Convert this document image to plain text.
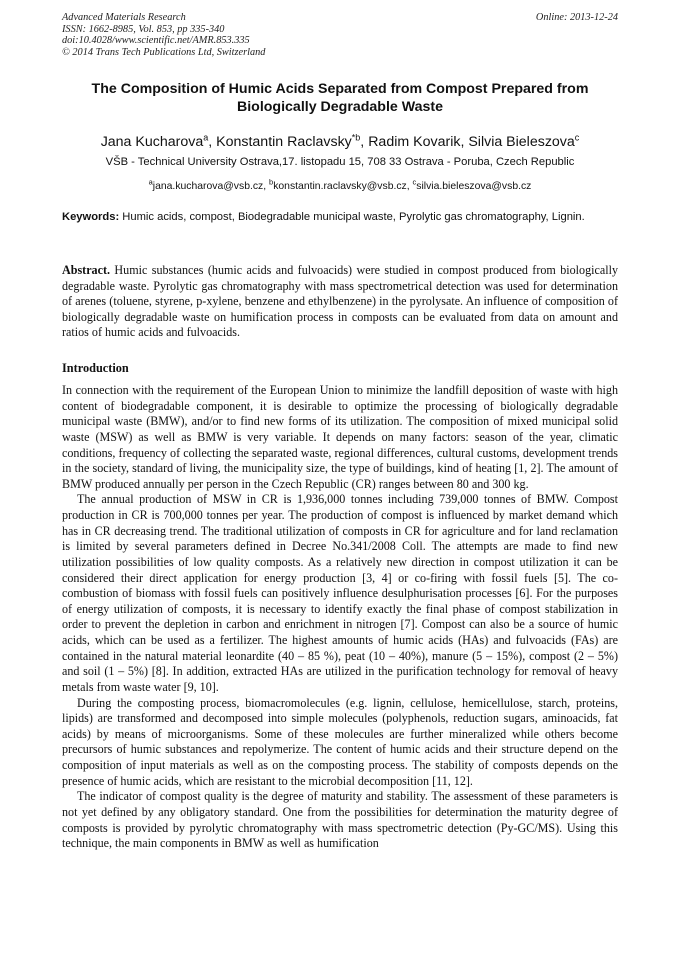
Advanced Materials Research
ISSN: 1662-8985, Vol. 853, pp 335-340
doi:10.4028/www.scientific.net/AMR.853.335
© 2014 Trans Tech Publications Ltd, Switzerland
Online: 2013-12-24
The Composition of Humic Acids Separated from Compost Prepared from Biologically Degradable Waste
Jana Kucharova$^a$, Konstantin Raclavsky$^{*b}$, Radim Kovarik, Silvia Bieleszova$^c$
VŠB - Technical University Ostrava,17. listopadu 15, 708 33 Ostrava - Poruba, Czech Republic
$^a$jana.kucharova@vsb.cz, $^b$konstantin.raclavsky@vsb.cz, $^c$silvia.bieleszova@vsb.cz
Keywords: Humic acids, compost, Biodegradable municipal waste, Pyrolytic gas chromatography, Lignin.
Abstract. Humic substances (humic acids and fulvoacids) were studied in compost produced from biologically degradable waste. Pyrolytic gas chromatography with mass spectrometrical detection was used for determination of arenes (toluene, styrene, p-xylene, benzene and ethylbenzene) in the pyrolysate. An influence of composition of biologically degradable waste on humification process in composts can be evaluated from data on amount and ratios of humic acids and fulvoacids.
Introduction

In connection with the requirement of the European Union to minimize the landfill deposition of waste with high content of biodegradable component, it is desirable to optimize the processing of biologically degradable municipal waste (BMW), and/or to find new forms of its utilization. The composition of mixed municipal solid waste (MSW) as well as BMW is very variable. It depends on many factors: season of the year, climatic conditions, frequency of collecting the separated waste, regional differences, cultural customs, development trends in the society, standard of living, the municipality size, the type of buildings, kind of heating [1, 2]. The amount of BMW produced annually per person in the Czech Republic (CR) ranges between 80 and 300 kg.

The annual production of MSW in CR is 1,936,000 tonnes including 739,000 tonnes of BMW. Compost production in CR is 700,000 tonnes per year. The production of compost is influenced by market demand which has in CR decreasing trend. The traditional utilization of composts in CR for agriculture and for land reclamation is limited by several parameters defined in Decree No.341/2008 Coll. The attempts are made to find new utilization possibilities of low quality composts. As a relatively new direction in compost utilization it can be considered their direct application for energy production [3, 4] or co-firing with fossil fuels [5]. The co-combustion of biomass with fossil fuels can positively influence desulphurisation processes [6]. For the purposes of energy utilization of composts, it is necessary to identify exactly the final phase of compost stabilization in order to prevent the depletion in carbon and enrichment in nitrogen [7]. Compost can also be a source of humic acids, which can be used as a fertilizer. The highest amounts of humic acids (HAs) and fulvoacids (FAs) are contained in the natural material leonardite (40 – 85 %), peat (10 – 40%), manure (5 – 15%), compost (2 – 5%) and soil (1 – 5%) [8]. In addition, extracted HAs are utilized in the purification technology for removal of heavy metals from waste water [9, 10].

During the composting process, biomacromolecules (e.g. lignin, cellulose, hemicellulose, starch, proteins, lipids) are transformed and decomposed into simple molecules (polyphenols, reduction sugars, aminoacids, fat acids) by means of microorganisms. Some of these molecules are further mineralized while others become precursors of humic substances and repolymerize. The content of humic acids and their structure depend on the composition of input materials as well as on the composting process. The stability of composts depends on the presence of humic acids, which are resistant to the microbial decomposition [11, 12].

The indicator of compost quality is the degree of maturity and stability. The assessment of these parameters is not yet defined by any obligatory standard. One from the possibilities for determination the maturity degree of composts is provided by pyrolytic chromatography with mass spectrometric detection (Py-GC/MS). Using this technique, the main components in BMW as well as humification
